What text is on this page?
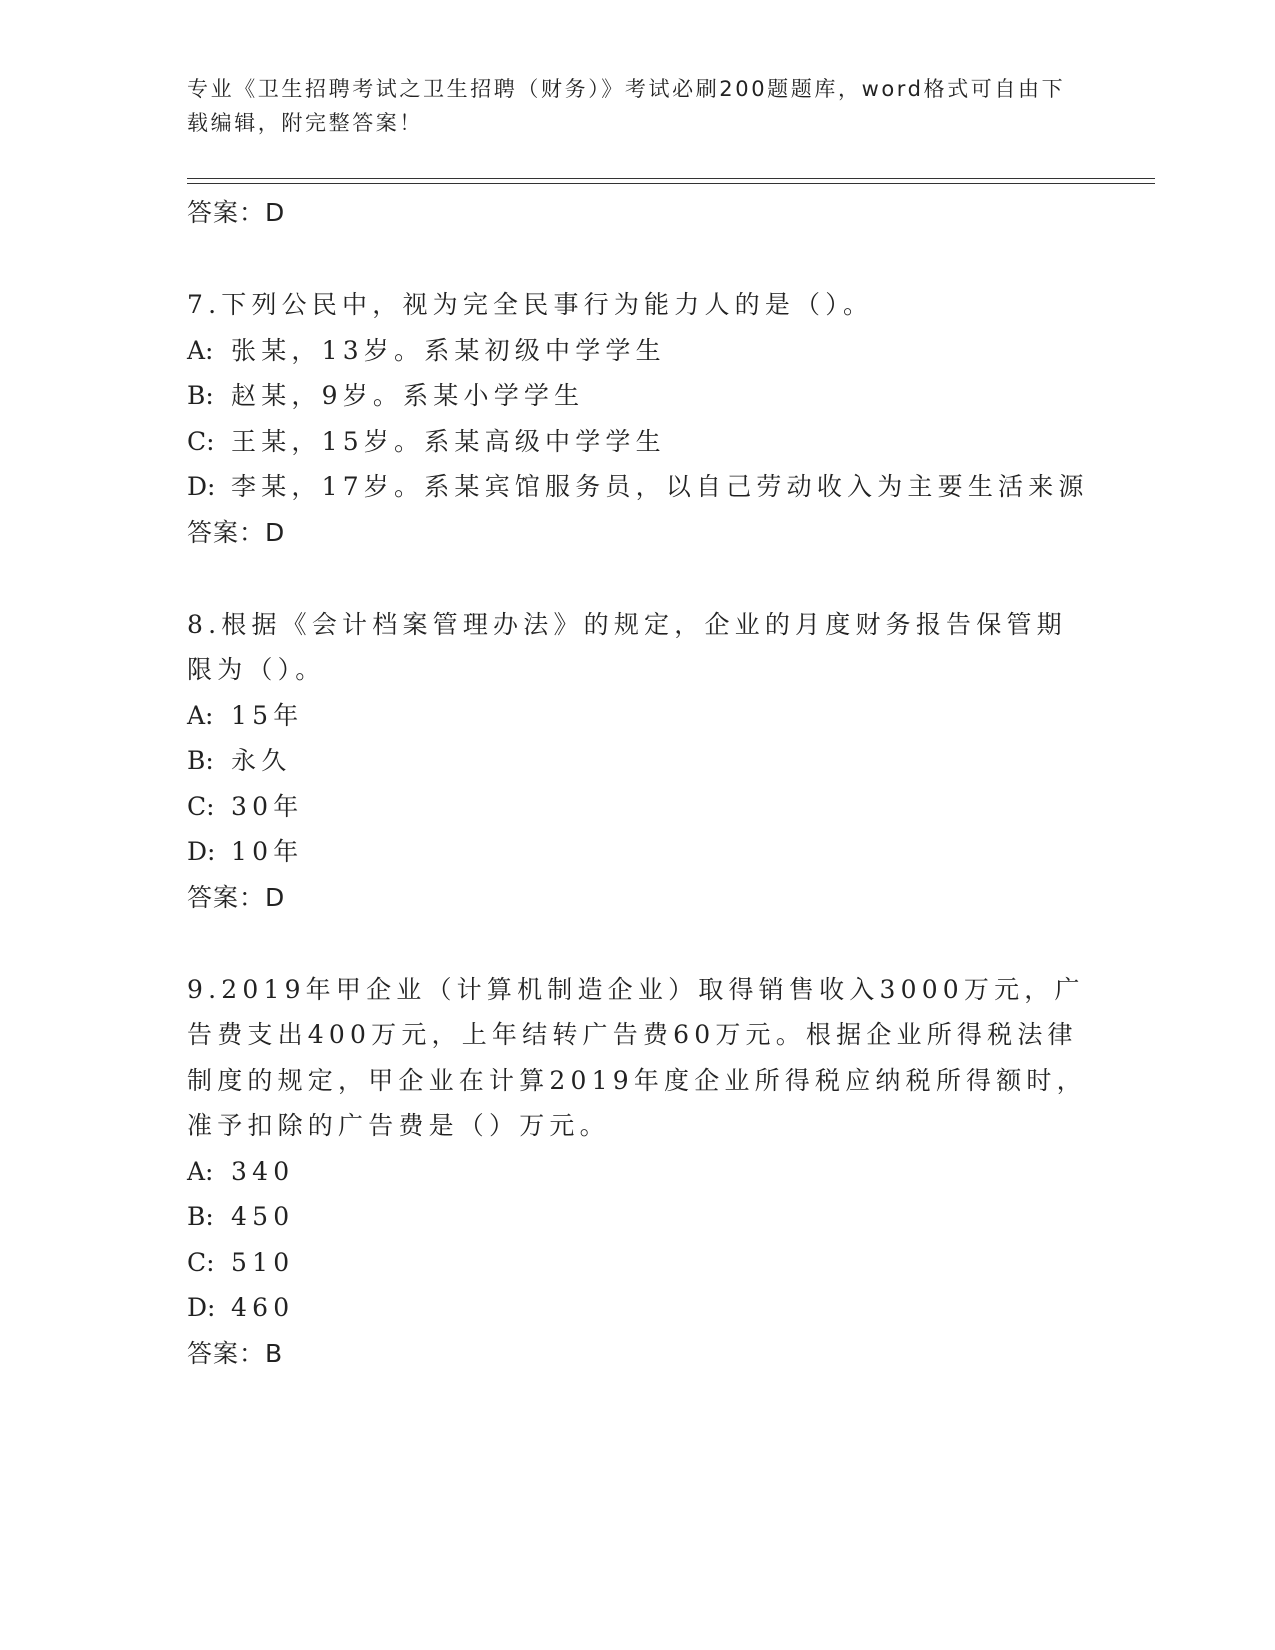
专业《卫生招聘考试之卫生招聘（财务）》考试必刷200题题库，word格式可自由下载编辑，附完整答案！

答案：D

7.下列公民中，视为完全民事行为能力人的是（）。

A: 张某，13岁。系某初级中学学生

B: 赵某，9岁。系某小学学生

C: 王某，15岁。系某高级中学学生

D: 李某，17岁。系某宾馆服务员，以自己劳动收入为主要生活来源

答案：D

8.根据《会计档案管理办法》的规定，企业的月度财务报告保管期限为（）。

A: 15年

B: 永久

C: 30年

D: 10年

答案：D

9.2019年甲企业（计算机制造企业）取得销售收入3000万元，广告费支出400万元，上年结转广告费60万元。根据企业所得税法律制度的规定，甲企业在计算2019年度企业所得税应纳税所得额时，准予扣除的广告费是（）万元。

A: 340

B: 450

C: 510

D: 460

答案：B
